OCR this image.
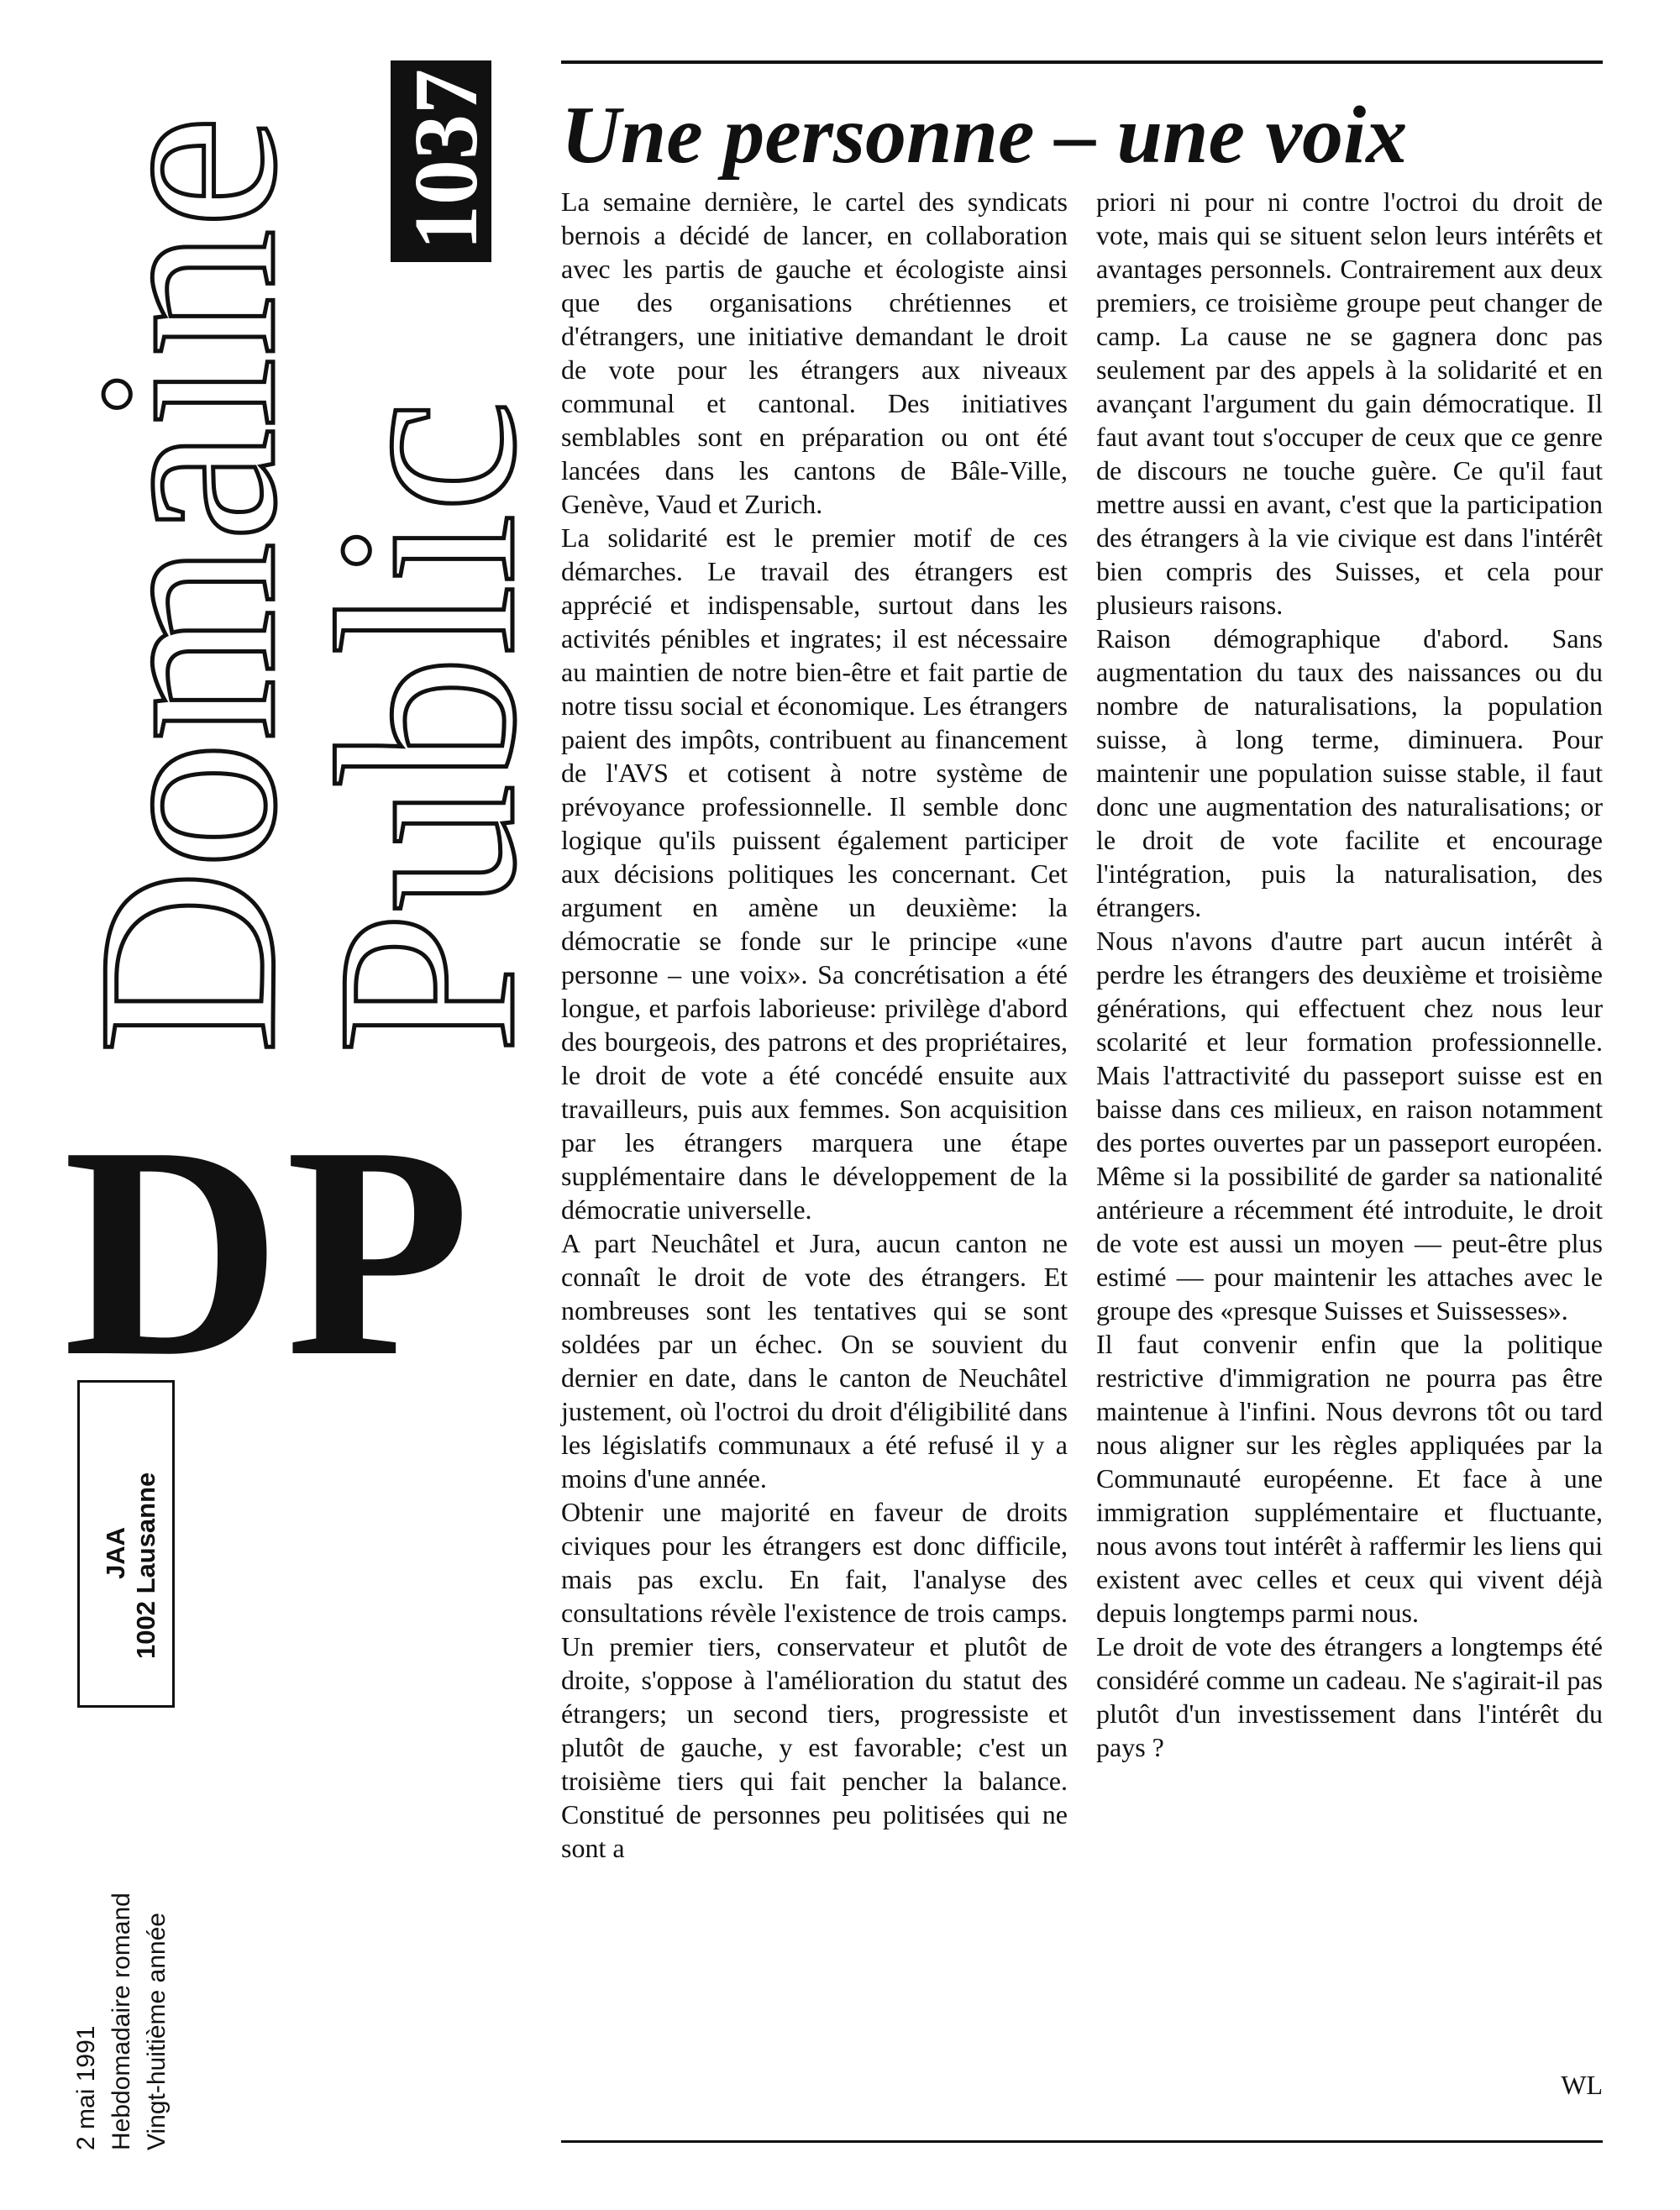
Domaine
Public
1037
D P
JAA 1002 Lausanne
2 mai 1991 Hebdomadaire romand Vingt-huitième année
Une personne – une voix

La semaine dernière, le cartel des syndicats bernois a décidé de lancer, en collaboration avec les partis de gauche et écologiste ainsi que des organisations chrétiennes et d'étrangers, une initiative demandant le droit de vote pour les étrangers aux niveaux communal et cantonal. Des initiatives semblables sont en préparation ou ont été lancées dans les cantons de Bâle-Ville, Genève, Vaud et Zurich.

La solidarité est le premier motif de ces démarches. Le travail des étrangers est apprécié et indispensable, surtout dans les activités pénibles et ingrates; il est nécessaire au maintien de notre bien-être et fait partie de notre tissu social et économique. Les étrangers paient des impôts, contribuent au financement de l'AVS et cotisent à notre système de prévoyance professionnelle. Il semble donc logique qu'ils puissent également participer aux décisions politiques les concernant. Cet argument en amène un deuxième: la démocratie se fonde sur le principe «une personne – une voix». Sa concrétisation a été longue, et parfois laborieuse: privilège d'abord des bourgeois, des patrons et des propriétaires, le droit de vote a été concédé ensuite aux travailleurs, puis aux femmes. Son acquisition par les étrangers marquera une étape supplémentaire dans le développement de la démocratie universelle.

A part Neuchâtel et Jura, aucun canton ne connaît le droit de vote des étrangers. Et nombreuses sont les tentatives qui se sont soldées par un échec. On se souvient du dernier en date, dans le canton de Neuchâtel justement, où l'octroi du droit d'éligibilité dans les législatifs communaux a été refusé il y a moins d'une année.

Obtenir une majorité en faveur de droits civiques pour les étrangers est donc difficile, mais pas exclu. En fait, l'analyse des consultations révèle l'existence de trois camps. Un premier tiers, conservateur et plutôt de droite, s'oppose à l'amélioration du statut des étrangers; un second tiers, progressiste et plutôt de gauche, y est favorable; c'est un troisième tiers qui fait pencher la balance. Constitué de personnes peu politisées qui ne sont a

priori ni pour ni contre l'octroi du droit de vote, mais qui se situent selon leurs intérêts et avantages personnels. Contrairement aux deux premiers, ce troisième groupe peut changer de camp. La cause ne se gagnera donc pas seulement par des appels à la solidarité et en avançant l'argument du gain démocratique. Il faut avant tout s'occuper de ceux que ce genre de discours ne touche guère. Ce qu'il faut mettre aussi en avant, c'est que la participation des étrangers à la vie civique est dans l'intérêt bien compris des Suisses, et cela pour plusieurs raisons.

Raison démographique d'abord. Sans augmentation du taux des naissances ou du nombre de naturalisations, la population suisse, à long terme, diminuera. Pour maintenir une population suisse stable, il faut donc une augmentation des naturalisations; or le droit de vote facilite et encourage l'intégration, puis la naturalisation, des étrangers.

Nous n'avons d'autre part aucun intérêt à perdre les étrangers des deuxième et troisième générations, qui effectuent chez nous leur scolarité et leur formation professionnelle. Mais l'attractivité du passeport suisse est en baisse dans ces milieux, en raison notamment des portes ouvertes par un passeport européen. Même si la possibilité de garder sa nationalité antérieure a récemment été introduite, le droit de vote est aussi un moyen — peut-être plus estimé — pour maintenir les attaches avec le groupe des «presque Suisses et Suissesses».

Il faut convenir enfin que la politique restrictive d'immigration ne pourra pas être maintenue à l'infini. Nous devrons tôt ou tard nous aligner sur les règles appliquées par la Communauté européenne. Et face à une immigration supplémentaire et fluctuante, nous avons tout intérêt à raffermir les liens qui existent avec celles et ceux qui vivent déjà depuis longtemps parmi nous.

Le droit de vote des étrangers a longtemps été considéré comme un cadeau. Ne s'agirait-il pas plutôt d'un investissement dans l'intérêt du pays ?

WL
